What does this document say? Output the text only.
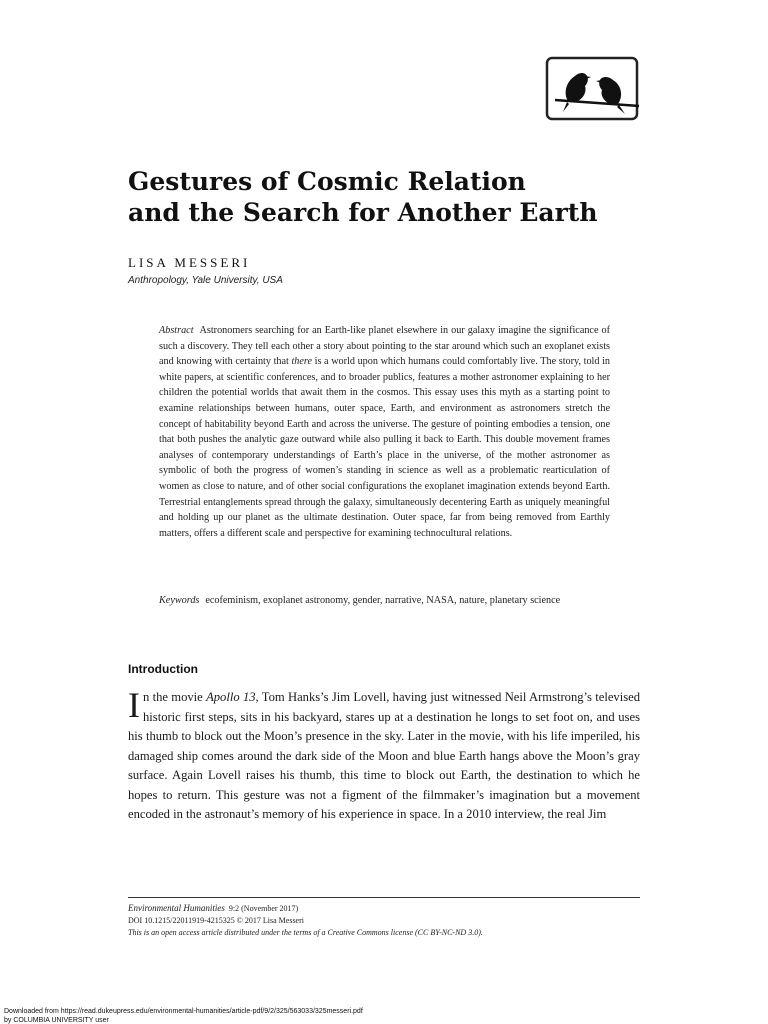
Gestures of Cosmic Relation
and the Search for Another Earth
LISA MESSERI
Anthropology, Yale University, USA
Abstract Astronomers searching for an Earth-like planet elsewhere in our galaxy imagine the significance of such a discovery. They tell each other a story about pointing to the star around which such an exoplanet exists and knowing with certainty that there is a world upon which humans could comfortably live. The story, told in white papers, at scientific conferences, and to broader publics, features a mother astronomer explaining to her children the potential worlds that await them in the cosmos. This essay uses this myth as a starting point to examine relationships between humans, outer space, Earth, and environment as astronomers stretch the concept of habitability beyond Earth and across the universe. The gesture of pointing embodies a tension, one that both pushes the analytic gaze outward while also pulling it back to Earth. This double movement frames analyses of contemporary understandings of Earth’s place in the universe, of the mother astronomer as symbolic of both the progress of women’s standing in science as well as a problematic rearticulation of women as close to nature, and of other social configurations the exoplanet imagination extends beyond Earth. Terrestrial entanglements spread through the galaxy, simultaneously decentering Earth as uniquely meaningful and holding up our planet as the ultimate destination. Outer space, far from being removed from Earthly matters, offers a different scale and perspective for examining technocultural relations.
Keywords ecofeminism, exoplanet astronomy, gender, narrative, NASA, nature, planetary science
Introduction
In the movie Apollo 13, Tom Hanks’s Jim Lovell, having just witnessed Neil Armstrong’s televised historic first steps, sits in his backyard, stares up at a destination he longs to set foot on, and uses his thumb to block out the Moon’s presence in the sky. Later in the movie, with his life imperiled, his damaged ship comes around the dark side of the Moon and blue Earth hangs above the Moon’s gray surface. Again Lovell raises his thumb, this time to block out Earth, the destination to which he hopes to return. This gesture was not a figment of the filmmaker’s imagination but a movement encoded in the astronaut’s memory of his experience in space. In a 2010 interview, the real Jim
Environmental Humanities 9:2 (November 2017)
DOI 10.1215/22011919-4215325 © 2017 Lisa Messeri
This is an open access article distributed under the terms of a Creative Commons license (CC BY-NC-ND 3.0).
Downloaded from https://read.dukeupress.edu/environmental-humanities/article-pdf/9/2/325/563033/325messeri.pdf
by COLUMBIA UNIVERSITY user
